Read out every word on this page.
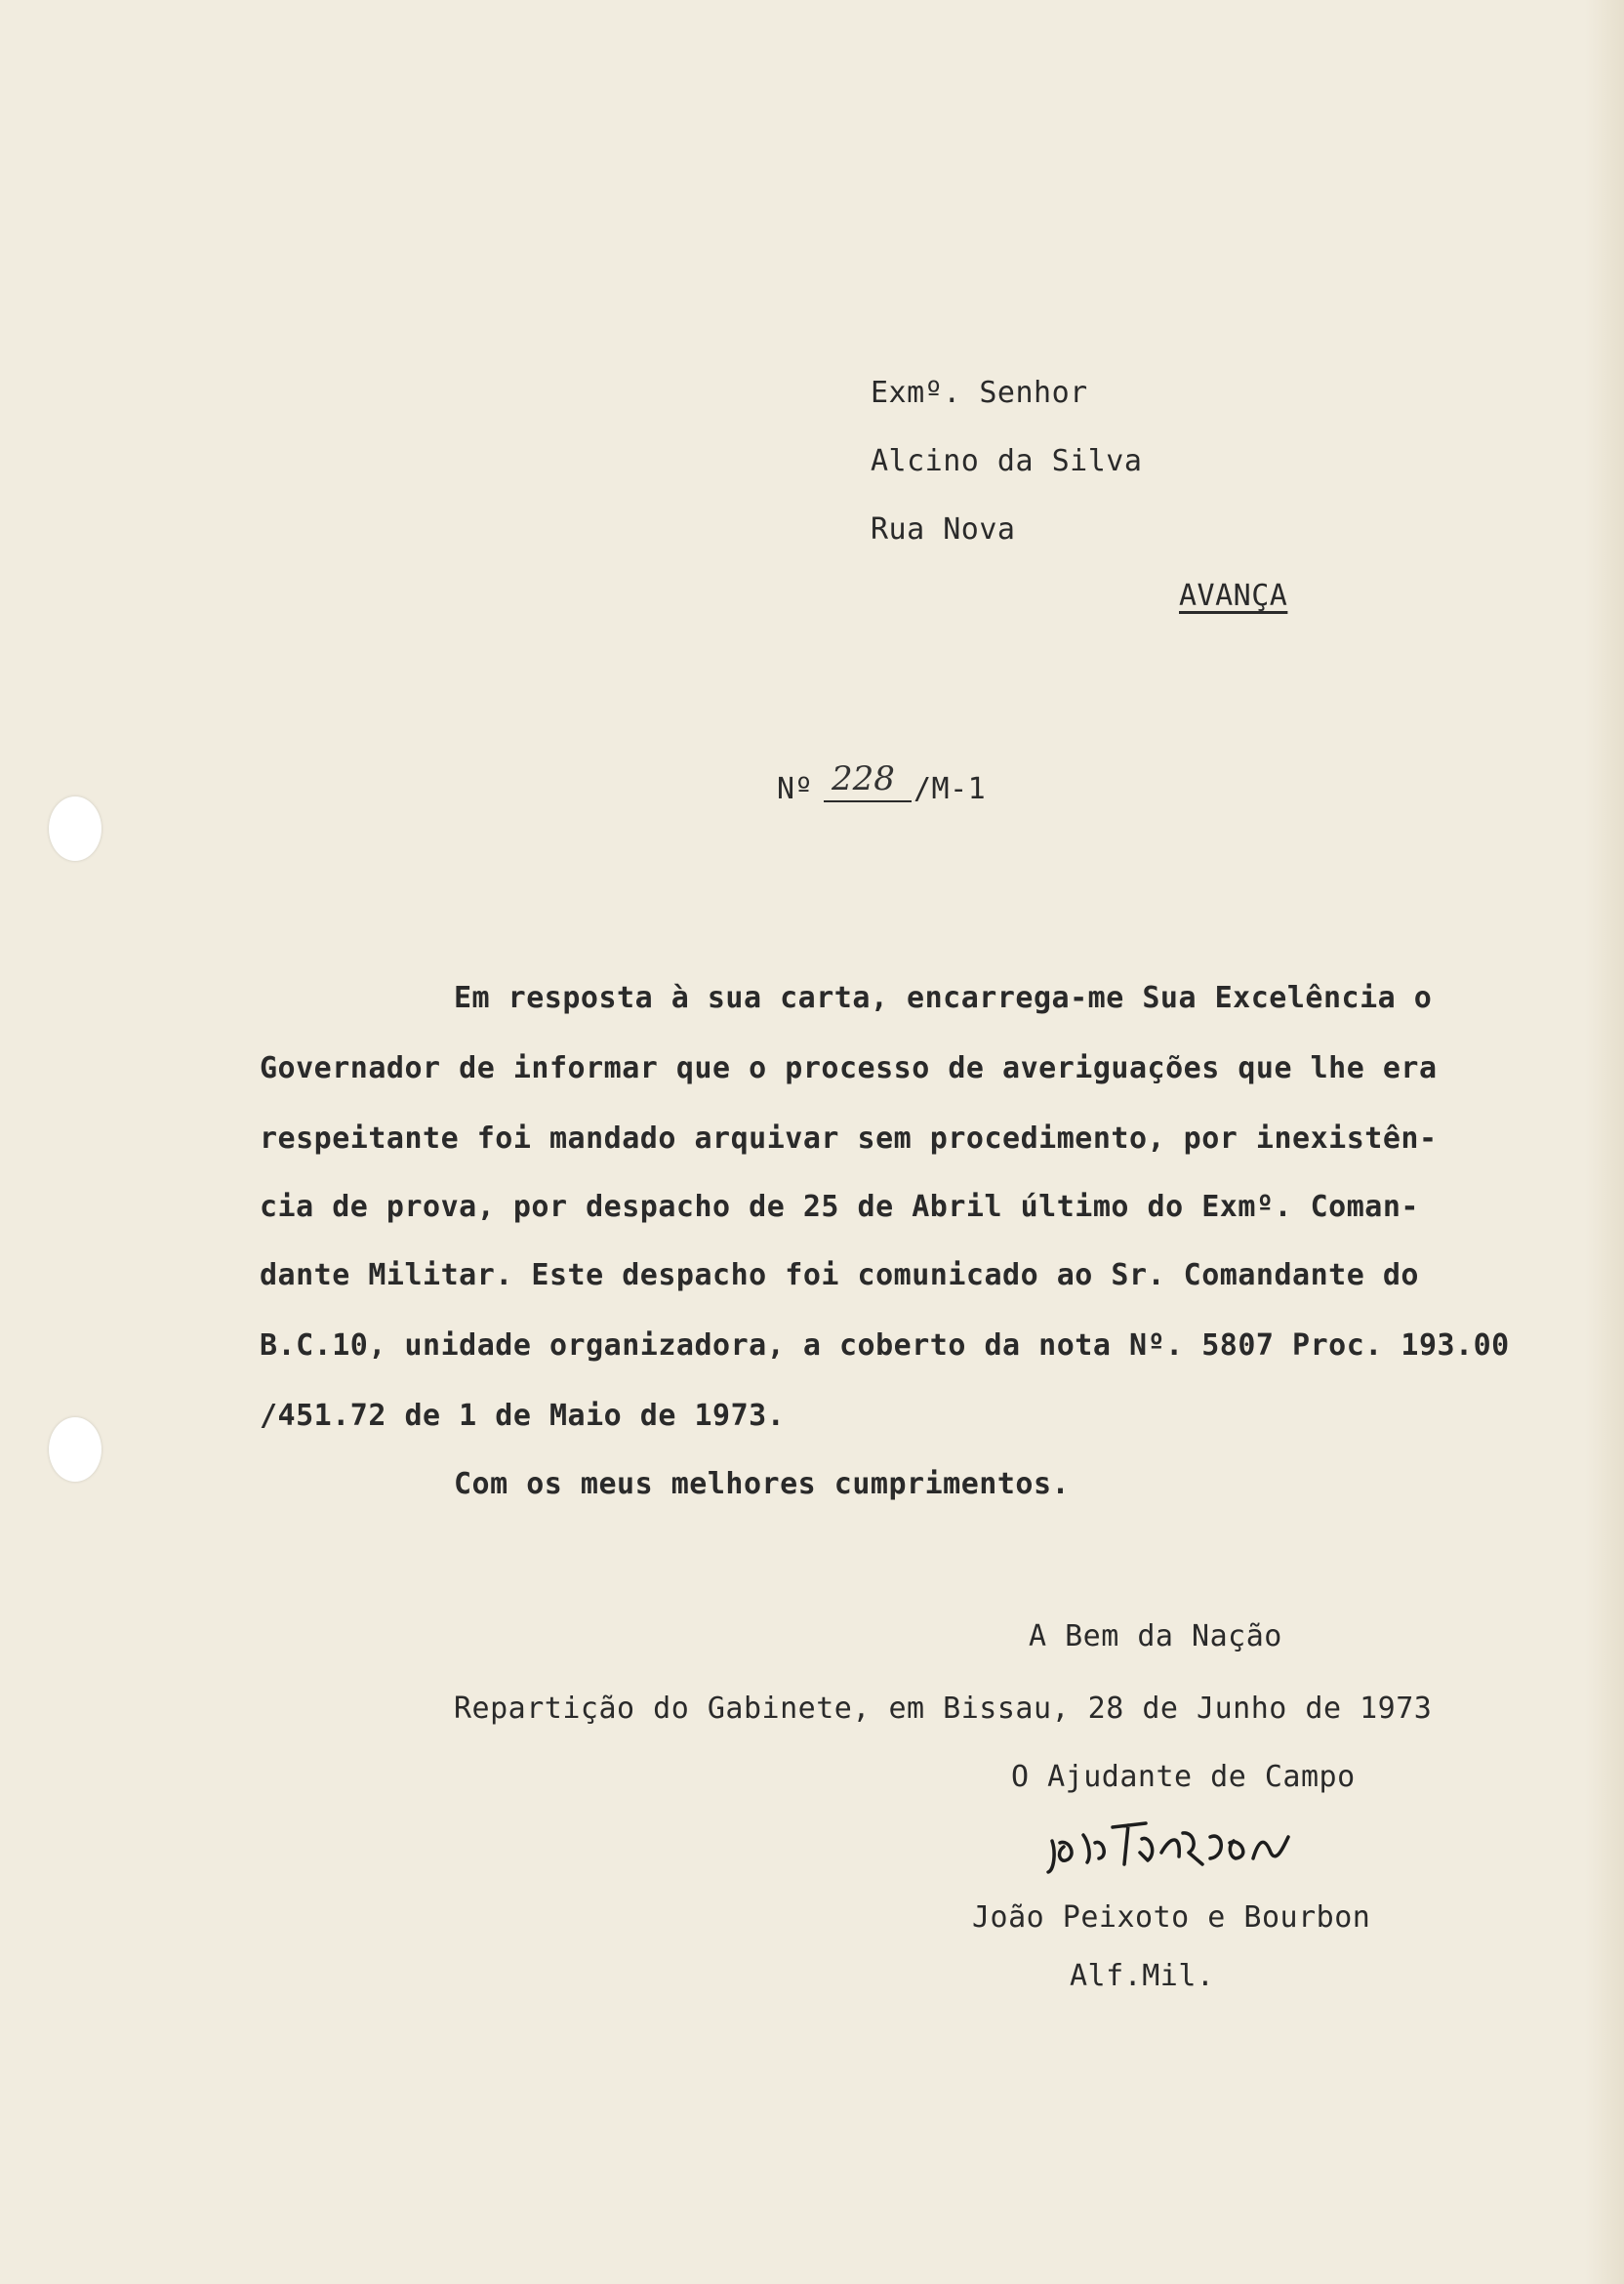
Exmº. Senhor
Alcino da Silva
Rua Nova
AVANÇA
Nº 228 /M-1
Em resposta à sua carta, encarrega-me Sua Excelência o
Governador de informar que o processo de averiguações que lhe era
respeitante foi mandado arquivar sem procedimento, por inexistên-
cia de prova, por despacho de 25 de Abril último do Exmº. Coman-
dante Militar. Este despacho foi comunicado ao Sr. Comandante do
B.C.10, unidade organizadora, a coberto da nota Nº. 5807 Proc. 193.00
/451.72 de 1 de Maio de 1973.
Com os meus melhores cumprimentos.
A Bem da Nação
Repartição do Gabinete, em Bissau, 28 de Junho de 1973
O Ajudante de Campo
João Peixoto e Bourbon
Alf.Mil.
